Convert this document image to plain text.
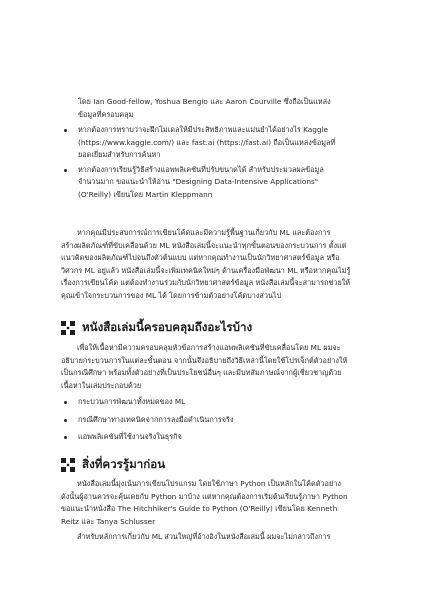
โดย Ian Good-fellow, Yoshua Bengio และ Aaron Courville ซึ่งถือเป็นแหล่ง
ข้อมูลที่ครอบคลุม

หากต้องการทราบว่าจะฝึกโมเดลให้มีประสิทธิภาพและแม่นยำได้อย่างไร Kaggle
(https://www.kaggle.com/) และ fast.ai (https://fast.ai) ถือเป็นแหล่งข้อมูลที่
ยอดเยี่ยมสำหรับการค้นหา
หากต้องการเรียนรู้วิธีสร้างแอพพลิเคชันที่ปรับขนาดได้ สำหรับประมวลผลข้อมูล
จำนวนมาก ขอแนะนำให้อ่าน "Designing Data-Intensive Applications"
(O'Reilly) เขียนโดย Martin Kleppmann

หากคุณมีประสบการณ์การเขียนโค้ดและมีความรู้พื้นฐานเกี่ยวกับ ML และต้องการ
สร้างผลิตภัณฑ์ที่ขับเคลื่อนด้วย ML หนังสือเล่มนี้จะแนะนำทุกขั้นตอนของกระบวนการ ตั้งแต่
แนวคิดของผลิตภัณฑ์ไปจนถึงตัวต้นแบบ แต่หากคุณทำงานเป็นนักวิทยาศาสตร์ข้อมูล หรือ
วิศวกร ML อยู่แล้ว หนังสือเล่มนี้จะเพิ่มเทคนิคใหม่ๆ ด้านเครื่องมือพัฒนา ML หรือหากคุณไม่รู้
เรื่องการเขียนโค้ด แต่ต้องทำงานร่วมกับนักวิทยาศาสตร์ข้อมูล หนังสือเล่มนี้จะสามารถช่วยให้
คุณเข้าใจกระบวนการของ ML ได้ โดยการข้ามตัวอย่างโค้ดบางส่วนไป

หนังสือเล่มนี้ครอบคลุมถึงอะไรบ้าง

เพื่อให้เนื้อหามีความครอบคลุมหัวข้อการสร้างแอพพลิเคชันที่ขับเคลื่อนโดย ML ผมจะ
อธิบายกระบวนการในแต่ละขั้นตอน จากนั้นจึงอธิบายถึงวิธีเหล่านี้โดยใช้โปรเจ็กต์ตัวอย่างให้
เป็นกรณีศึกษา พร้อมทั้งตัวอย่างที่เป็นประโยชน์อื่นๆ และมีบทสัมภาษณ์จากผู้เชี่ยวชาญด้วย
เนื้อหาในเล่มประกอบด้วย

กระบวนการพัฒนาทั้งหมดของ ML
กรณีศึกษาทางเทคนิคจากการลงมือดำเนินการจริง
แอพพลิเคชันที่ใช้งานจริงในธุรกิจ
สิ่งที่ควรรู้มาก่อน

หนังสือเล่มนี้มุ่งเน้นการเขียนโปรแกรม โดยใช้ภาษา Python เป็นหลักในโค้ดตัวอย่าง
ดังนั้นผู้อ่านควรจะคุ้นเคยกับ Python มาบ้าง แต่หากคุณต้องการเริ่มต้นเรียนรู้ภาษา Python
ขอแนะนำหนังสือ The Hitchhiker's Guide to Python (O'Reilly) เขียนโดย Kenneth
Reitz และ Tanya Schlusser

สำหรับหลักการเกี่ยวกับ ML ส่วนใหญ่ที่อ้างอิงในหนังสือเล่มนี้ ผมจะไม่กล่าวถึงการ
